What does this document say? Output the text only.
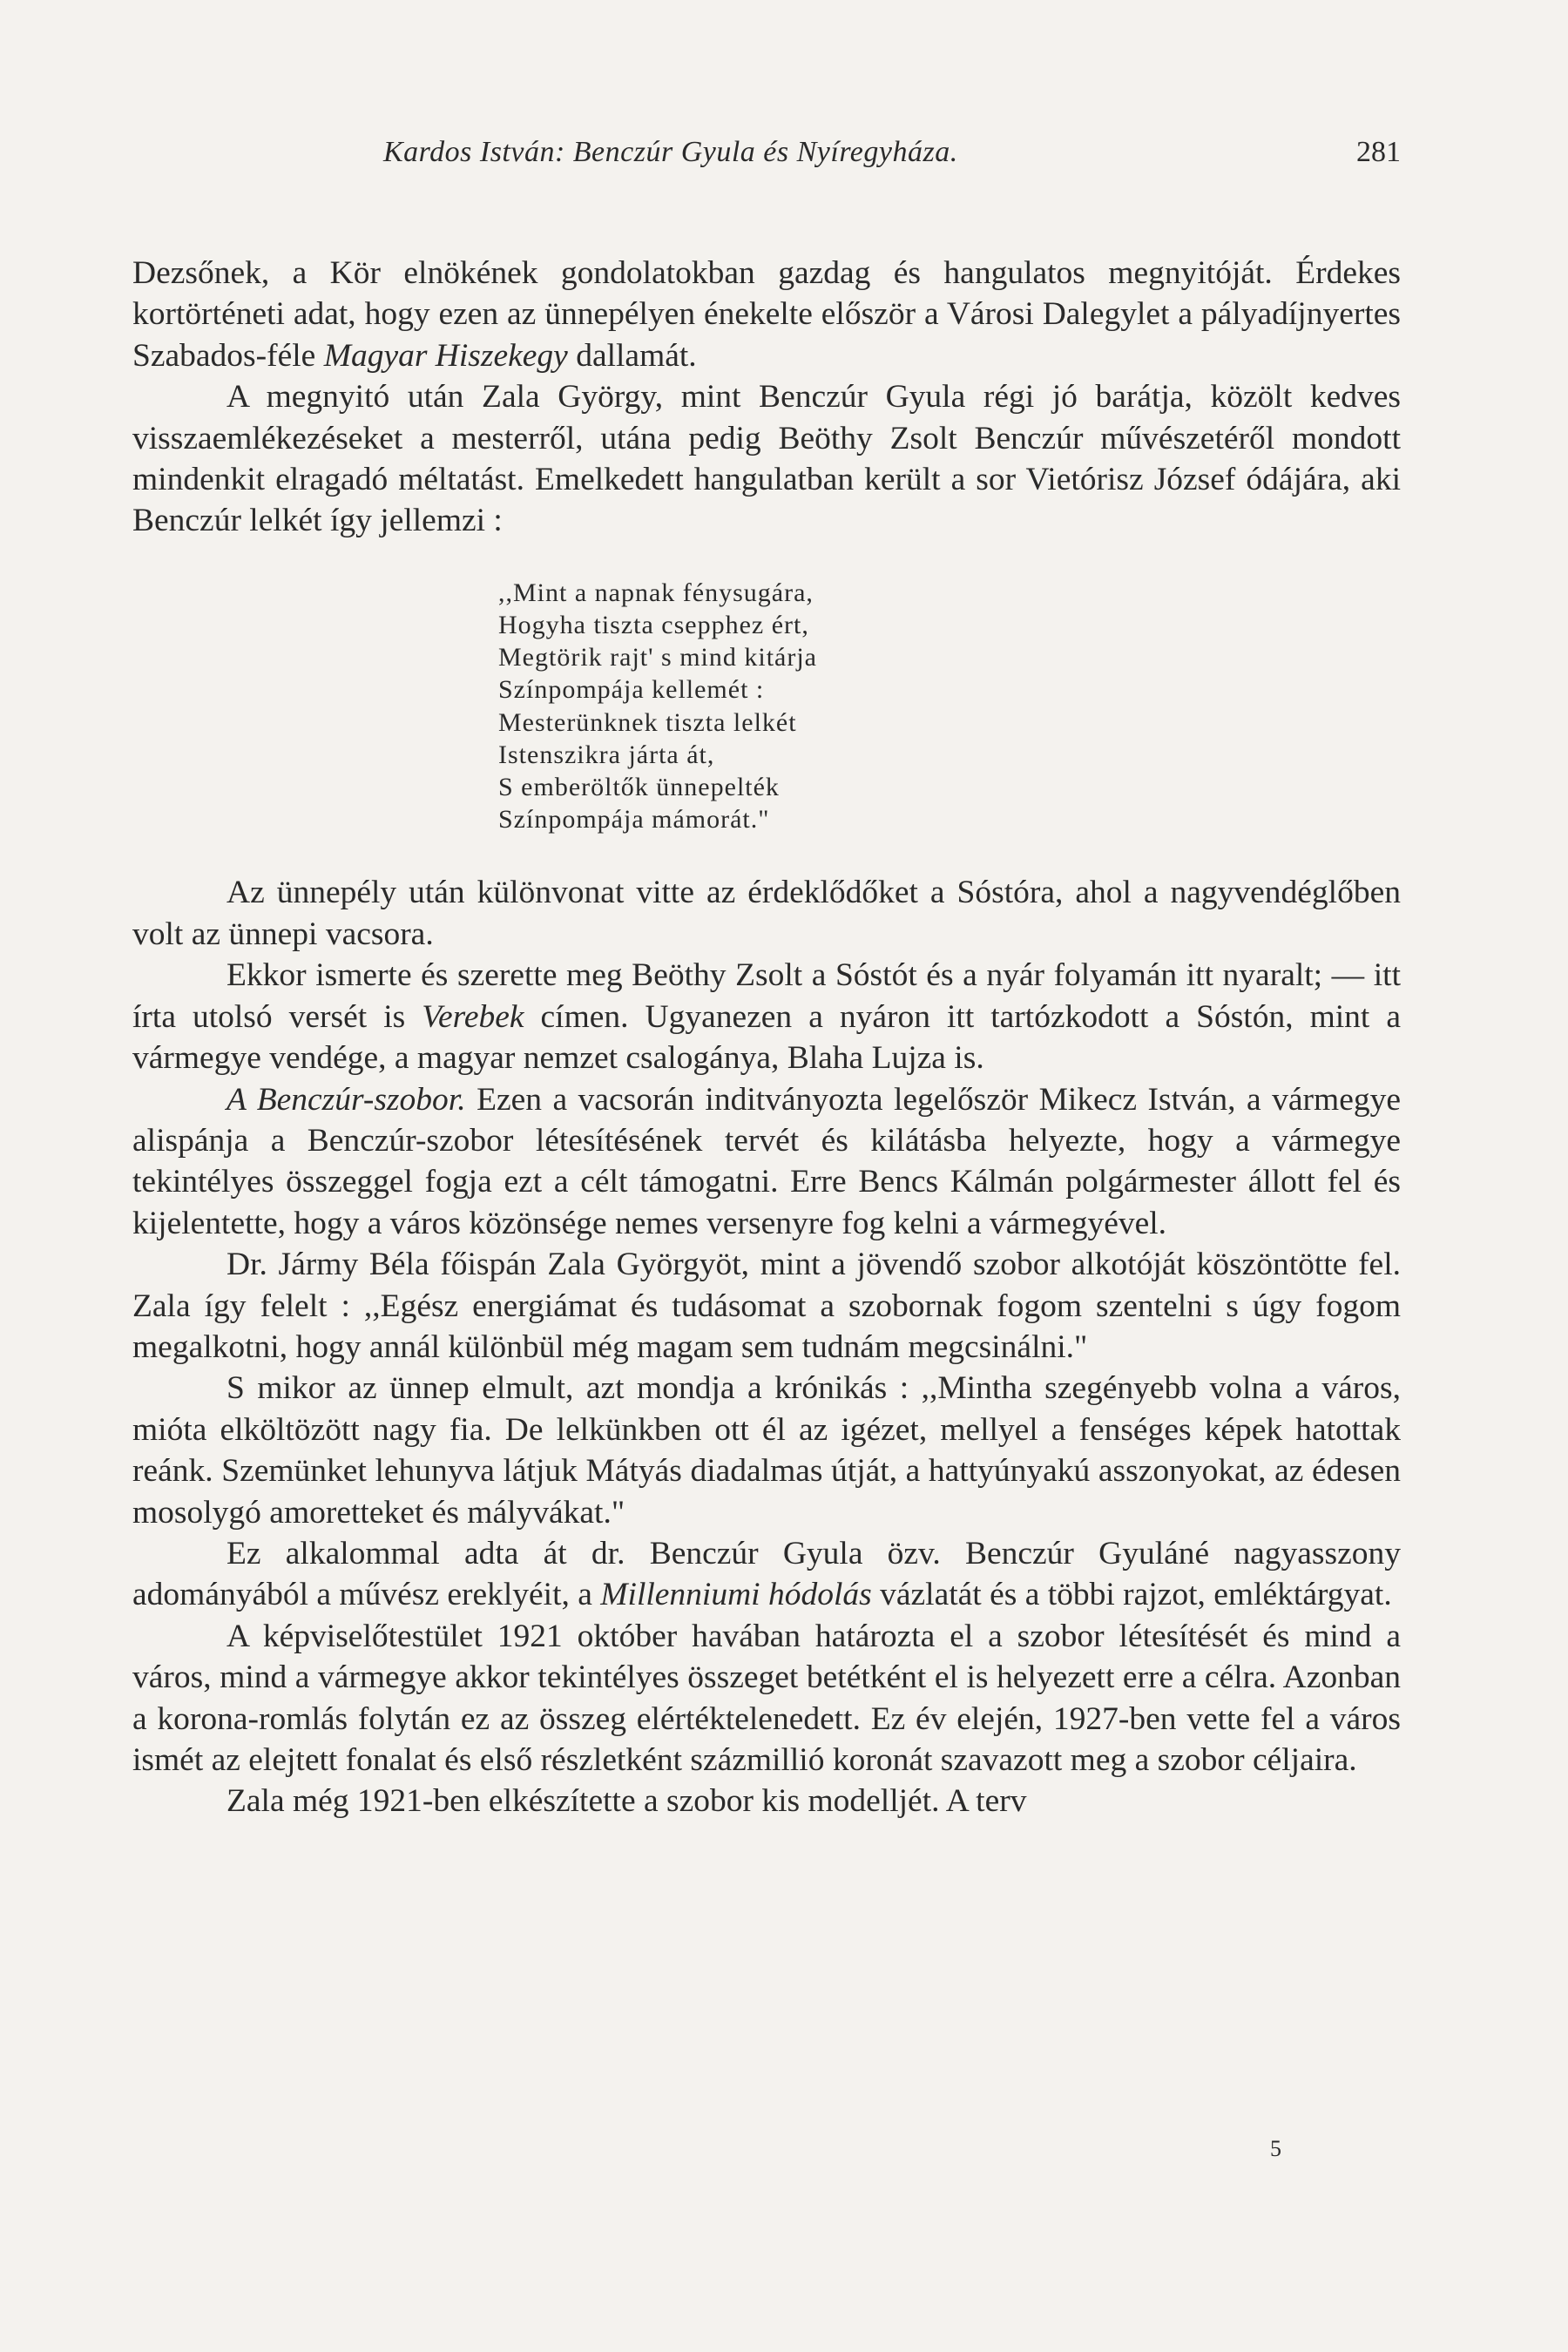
Kardos István: Benczúr Gyula és Nyíregyháza.	281

Dezsőnek, a Kör elnökének gondolatokban gazdag és hangulatos megnyitóját. Érdekes kortörténeti adat, hogy ezen az ünnepélyen énekelte először a Városi Dalegylet a pályadíjnyertes Szabados-féle Magyar Hiszekegy dallamát.

A megnyitó után Zala György, mint Benczúr Gyula régi jó barátja, közölt kedves visszaemlékezéseket a mesterről, utána pedig Beöthy Zsolt Benczúr művészetéről mondott mindenkit elragadó méltatást. Emelkedett hangulatban került a sor Vietórisz József ódájára, aki Benczúr lelkét így jellemzi :

,,Mint a napnak fénysugára,
Hogyha tiszta csepphez ért,
Megtörik rajt' s mind kitárja
Színpompája kellemét :
Mesterünknek tiszta lelkét
Istenszikra járta át,
S emberöltők ünnepelték
Színpompája mámorát."

Az ünnepély után különvonat vitte az érdeklődőket a Sóstóra, ahol a nagyvendéglőben volt az ünnepi vacsora.

Ekkor ismerte és szerette meg Beöthy Zsolt a Sóstót és a nyár folyamán itt nyaralt; — itt írta utolsó versét is Verebek címen. Ugyanezen a nyáron itt tartózkodott a Sóstón, mint a vármegye vendége, a magyar nemzet csalogánya, Blaha Lujza is.

A Benczúr-szobor. Ezen a vacsorán inditványozta legelőször Mikecz István, a vármegye alispánja a Benczúr-szobor létesítésének tervét és kilátásba helyezte, hogy a vármegye tekintélyes összeggel fogja ezt a célt támogatni. Erre Bencs Kálmán polgármester állott fel és kijelentette, hogy a város közönsége nemes versenyre fog kelni a vármegyével.

Dr. Jármy Béla főispán Zala Györgyöt, mint a jövendő szobor alkotóját köszöntötte fel. Zala így felelt : ,,Egész energiámat és tudásomat a szobornak fogom szentelni s úgy fogom megalkotni, hogy annál különbül még magam sem tudnám megcsinálni."

S mikor az ünnep elmult, azt mondja a krónikás : ,,Mintha szegényebb volna a város, mióta elköltözött nagy fia. De lelkünkben ott él az igézet, mellyel a fenséges képek hatottak reánk. Szemünket lehunyva látjuk Mátyás diadalmas útját, a hattyúnyakú asszonyokat, az édesen mosolygó amoretteket és mályvákat."

Ez alkalommal adta át dr. Benczúr Gyula özv. Benczúr Gyuláné nagyasszony adományából a művész ereklyéit, a Millenniumi hódolás vázlatát és a többi rajzot, emléktárgyat.

A képviselőtestület 1921 október havában határozta el a szobor létesítését és mind a város, mind a vármegye akkor tekintélyes összeget betétként el is helyezett erre a célra. Azonban a korona-romlás folytán ez az összeg elértéktelenedett. Ez év elején, 1927-ben vette fel a város ismét az elejtett fonalat és első részletként százmillió koronát szavazott meg a szobor céljaira.

Zala még 1921-ben elkészítette a szobor kis modelljét. A terv

5
